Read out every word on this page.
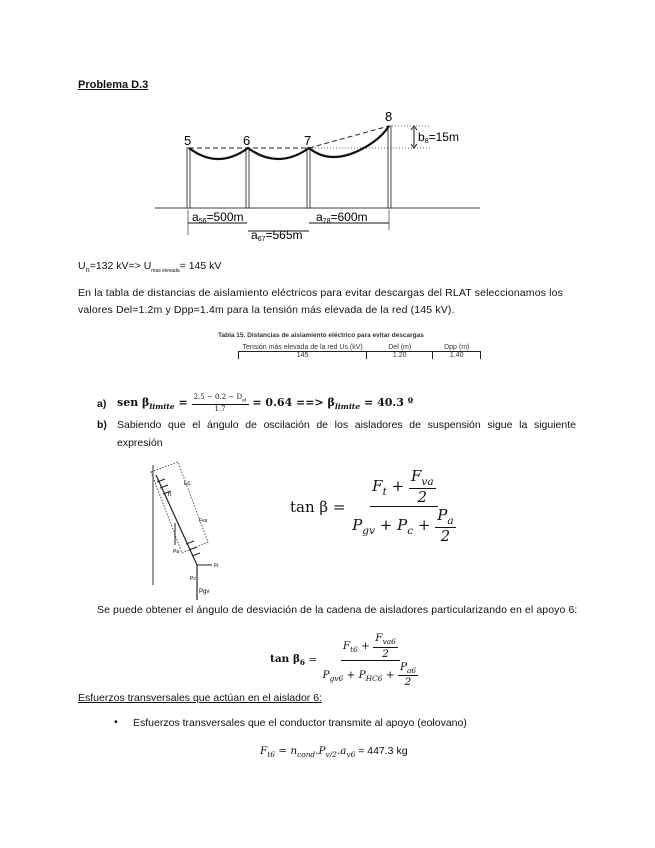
Problema D.3
5	6	7
8
b8=15m
a56=500m
a67=565m
a78=600m
$U_n=132$ $kV=> U_{mas elevada}= 145$ kV
En la tabla de distancias de aislamiento eléctricos para evitar descargas del RLAT seleccionamos los
valores Del=1.2m y Dpp=1.4m para la tensión más elevada de la red (145 kV).
Tabla 15. Distancias de aislamiento eléctrico para evitar descargas
Tensión más elevada de la red Us (kV)	Del (m)	Dpp (m)
145	1.20	1.40
a) sen $\beta_{limite} = \frac{2.5 - 0.2 - D_{el}}{1.7} = 0.64$ ==> $\beta_{limite} = 40.3$ º
b) Sabiendo que el ángulo de oscilación de los aisladores de suspensión sigue la siguiente
expresión
Lc
h
Fva
Ft
Pa
Pc
Pgv
$\tan \beta = \frac{F_t + \frac{F_{va}}{2}}{P_{gv} + P_c + \frac{P_a}{2}}$
Se puede obtener el ángulo de desviación de la cadena de aisladores particularizando en el apoyo 6:
$\tan \beta_6 = \frac{F_{t6} + \frac{F_{va6}}{2}}{P_{gv6} + P_{HC6} + \frac{P_{a6}}{2}}$
Esfuerzos transversales que actúan en el aislador 6:
• Esfuerzos transversales que el conductor transmite al apoyo (eolovano)
$F_{t6} = n_{cond}.P_{v/2}.a_{v6} = 447.3$ kg
